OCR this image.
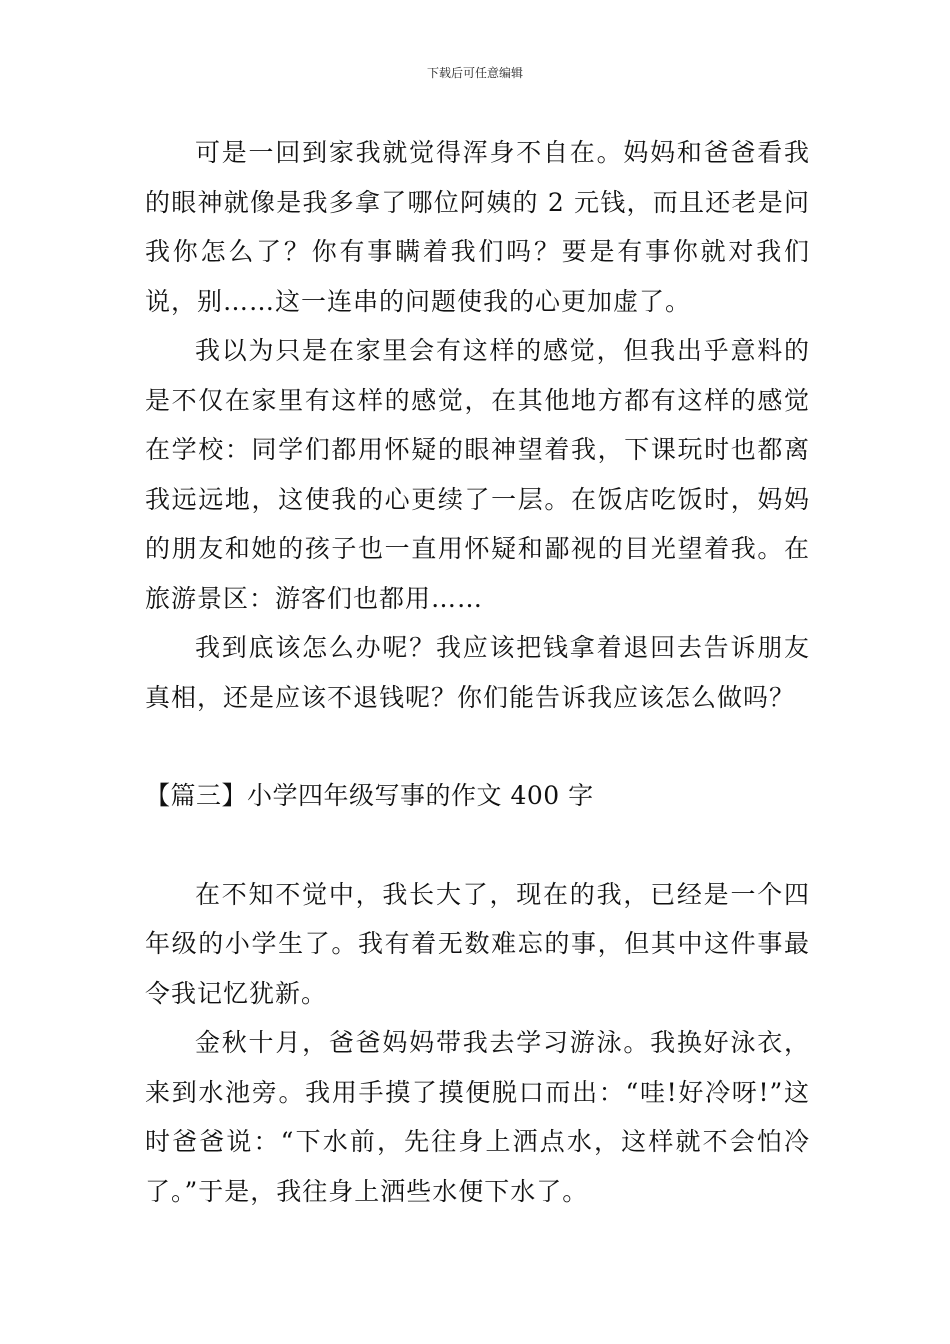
下载后可任意编辑

可是一回到家我就觉得浑身不自在。妈妈和爸爸看我的眼神就像是我多拿了哪位阿姨的 2 元钱，而且还老是问我你怎么了？你有事瞒着我们吗？要是有事你就对我们说，别……这一连串的问题使我的心更加虚了。

我以为只是在家里会有这样的感觉，但我出乎意料的是不仅在家里有这样的感觉，在其他地方都有这样的感觉在学校：同学们都用怀疑的眼神望着我，下课玩时也都离我远远地，这使我的心更续了一层。在饭店吃饭时，妈妈的朋友和她的孩子也一直用怀疑和鄙视的目光望着我。在旅游景区：游客们也都用……

我到底该怎么办呢？我应该把钱拿着退回去告诉朋友真相，还是应该不退钱呢？你们能告诉我应该怎么做吗？

【篇三】小学四年级写事的作文 400 字

在不知不觉中，我长大了，现在的我，已经是一个四年级的小学生了。我有着无数难忘的事，但其中这件事最令我记忆犹新。

金秋十月，爸爸妈妈带我去学习游泳。我换好泳衣，来到水池旁。我用手摸了摸便脱口而出：“哇!好冷呀!”这时爸爸说：“下水前，先往身上洒点水，这样就不会怕冷了。”于是，我往身上洒些水便下水了。
